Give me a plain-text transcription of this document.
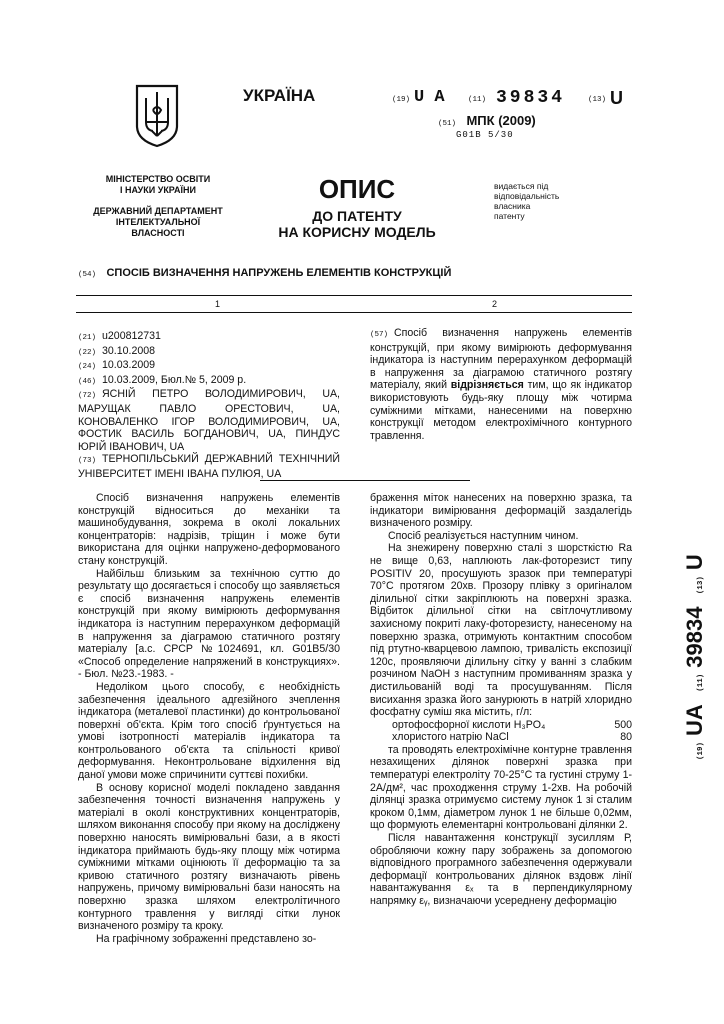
МІНІСТЕРСТВО ОСВІТИ
І НАУКИ УКРАЇНИ
ДЕРЖАВНИЙ ДЕПАРТАМЕНТ
ІНТЕЛЕКТУАЛЬНОЇ
ВЛАСНОСТІ
УКРАЇНА	(19) U A	(11) 39834	(13) U
(51) МПК (2009)
G01B 5/30
ОПИС
ДО ПАТЕНТУ
НА КОРИСНУ МОДЕЛЬ
видається під
відповідальність
власника
патенту
(54) СПОСІБ ВИЗНАЧЕННЯ НАПРУЖЕНЬ ЕЛЕМЕНТІВ КОНСТРУКЦІЙ
1	2
(21) u200812731
(22) 30.10.2008
(24) 10.03.2009
(46) 10.03.2009, Бюл.№ 5, 2009 р.
(72) ЯСНІЙ ПЕТРО ВОЛОДИМИРОВИЧ, UA, МАРУЩАК ПАВЛО ОРЕСТОВИЧ, UA, КОНОВАЛЕНКО ІГОР ВОЛОДИМИРОВИЧ, UA, ФОСТИК ВАСИЛЬ БОГДАНОВИЧ, UA, ПИНДУС ЮРІЙ ІВАНОВИЧ, UA
(73) ТЕРНОПІЛЬСЬКИЙ ДЕРЖАВНИЙ ТЕХНІЧНИЙ УНІВЕРСИТЕТ ІМЕНІ ІВАНА ПУЛЮЯ, UA
(57) Спосіб визначення напружень елементів конструкцій, при якому вимірюють деформування індикатора із наступним перерахунком деформацій в напруження за діаграмою статичного розтягу матеріалу, який відрізняється тим, що як індикатор використовують будь-яку площу між чотирма суміжними мітками, нанесеними на поверхню конструкції методом електрохімічного контурного травлення.

Спосіб визначення напружень елементів конструкцій відноситься до механіки та машинобудування, зокрема в околі локальних концентраторів: надрізів, тріщин і може бути використана для оцінки напружено-деформованого стану конструкцій.

Найбільш близьким за технічною суттю до результату що досягається і способу що заявляється є спосіб визначення напружень елементів конструкцій при якому вимірюють деформування індикатора із наступним перерахунком деформацій в напруження за діаграмою статичного розтягу матеріалу [а.с. СРСР №1024691, кл. G01B5/30 «Способ определение напряжений в конструкциях». - Бюл. №23.-1983. -

Недоліком цього способу, є необхідність забезпечення ідеального адгезійного зчеплення індикатора (металевої пластинки) до контрольованої поверхні об'єкта. Крім того спосіб ґрунтується на умові ізотропності матеріалів індикатора та контрольованого об'єкта та спільності кривої деформування. Неконтрольоване відхилення від даної умови може спричинити суттєві похибки.

В основу корисної моделі покладено завдання забезпечення точності визначення напружень у матеріалі в околі конструктивних концентраторів, шляхом виконання способу при якому на досліджену поверхню наносять вимірювальні бази, а в якості індикатора приймають будь-яку площу між чотирма суміжними мітками оцінюють її деформацію та за кривою статичного розтягу визначають рівень напружень, причому вимірювальні бази наносять на поверхню зразка шляхом електролітичного контурного травлення у вигляді сітки лунок визначеного розміру та кроку.

На графічному зображенні представлено зо-

браження міток нанесених на поверхню зразка, та індикатори вимірювання деформацій заздалегідь визначеного розміру.

Спосіб реалізується наступним чином.

На знежирену поверхню сталі з шорсткістю Ra не вище 0,63, наплюють лак-фоторезист типу POSITIV 20, просушують зразок при температурі 70°С протягом 20хв. Прозору плівку з оригіналом ділильної сітки закріплюють на поверхні зразка. Відбиток ділильної сітки на світлочутливому захисному покриті лаку-фоторезисту, нанесеному на поверхню зразка, отримують контактним способом під ртутно-кварцевою лампою, тривалість експозиції 120с, проявляючи ділильну сітку у ванні з слабким розчином NaOH з наступним промиванням зразка у дистильованій воді та просушуванням. Після висихання зразка його занурюють в натрій хлоридно фосфатну суміш яка містить, г/л:

ортофосфорної кислоти H₃PO₄	500
хлористого натрію NaCl	80

та проводять електрохімічне контурне травлення незахищених ділянок поверхні зразка при температурі електроліту 70-25°С та густині струму 1-2А/дм², час проходження струму 1-2хв. На робочій ділянці зразка отримуємо систему лунок 1 зі сталим кроком 0,1мм, діаметром лунок 1 не більше 0,02мм, що формують елементарні контрольовані ділянки 2.

Після навантаження конструкції зусиллям Р, обробляючи кожну пару зображень за допомогою відповідного програмного забезпечення одержували деформації контрольованих ділянок вздовж лінії навантажування εₓ та в перпендикулярному напрямку εᵧ, визначаючи усереднену деформацію

(19)UA (11)39834 (13)U
